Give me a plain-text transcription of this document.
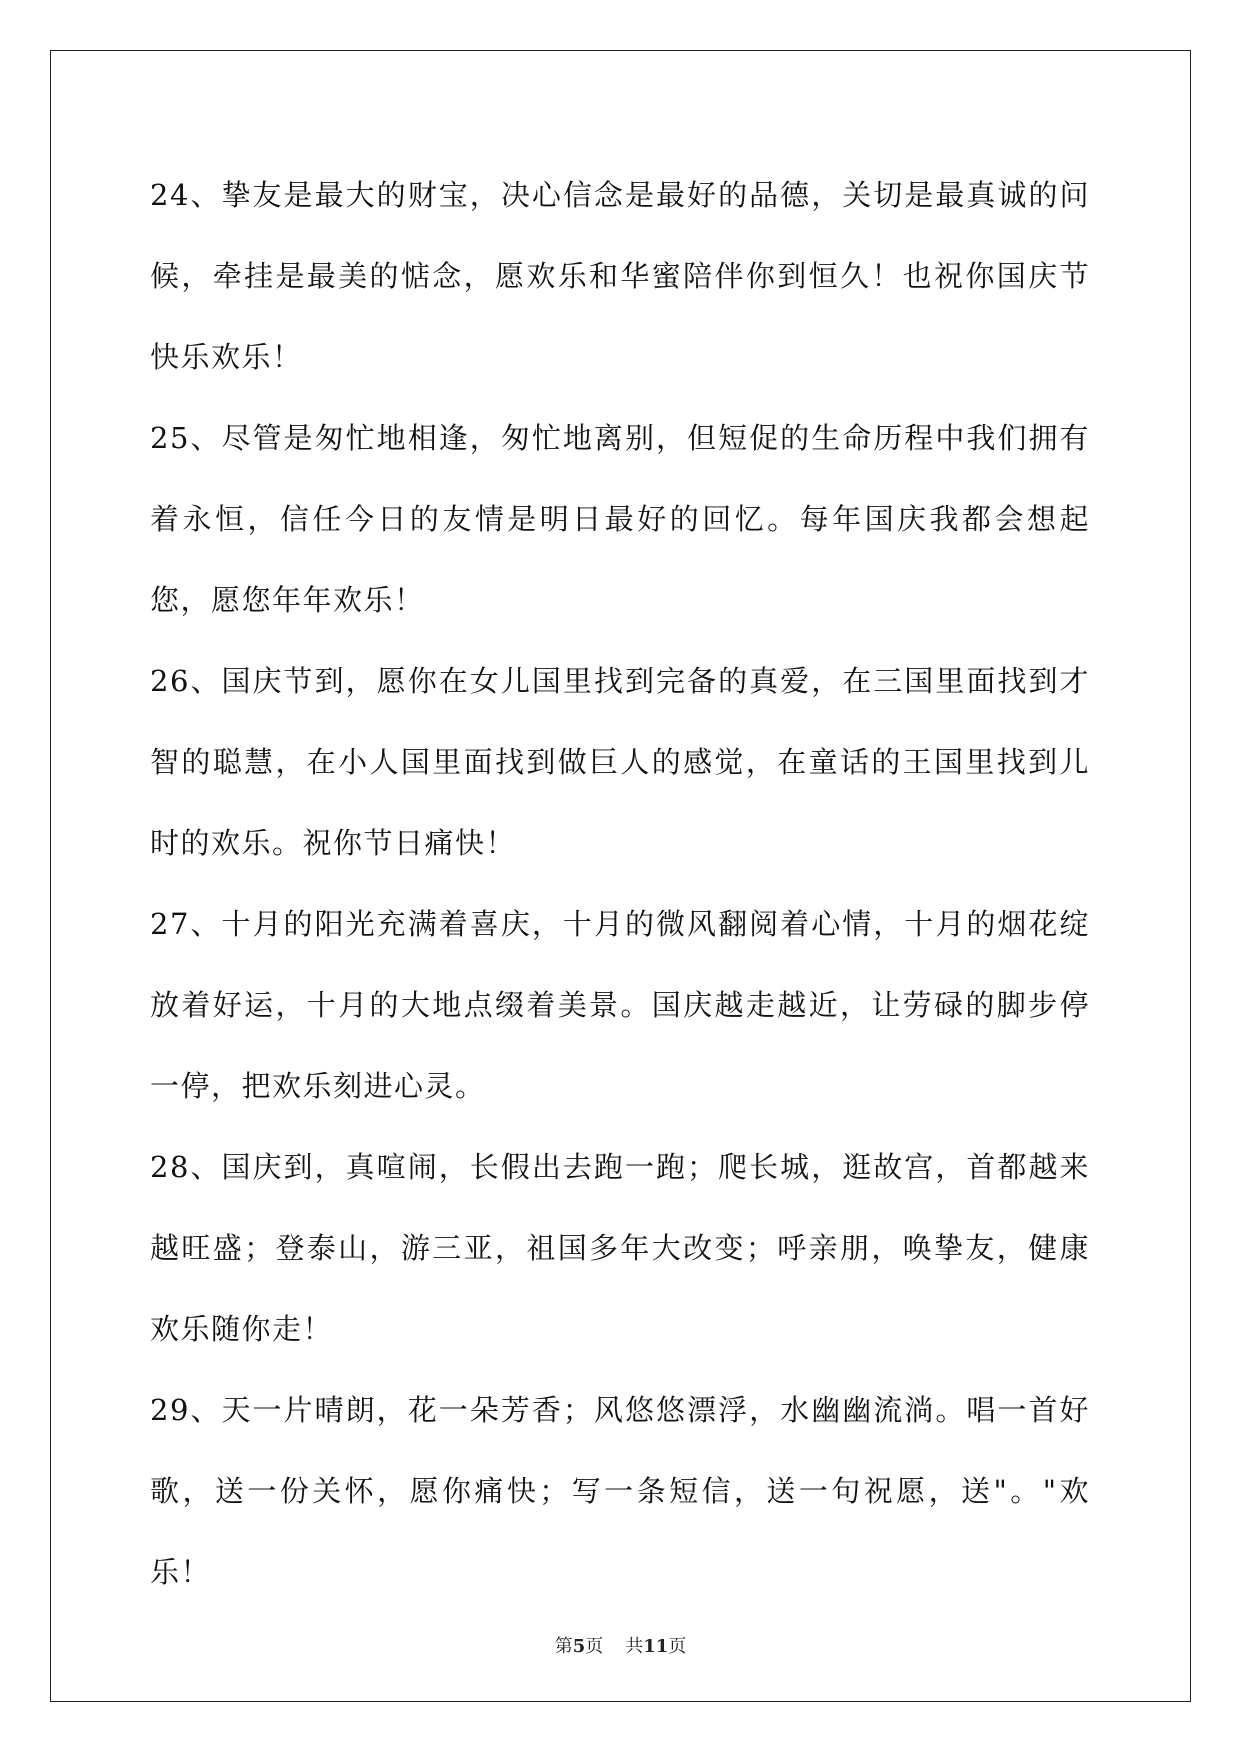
24、挚友是最大的财宝，决心信念是最好的品德，关切是最真诚的问候，牵挂是最美的惦念，愿欢乐和华蜜陪伴你到恒久！也祝你国庆节快乐欢乐！

25、尽管是匆忙地相逢，匆忙地离别，但短促的生命历程中我们拥有着永恒，信任今日的友情是明日最好的回忆。每年国庆我都会想起您，愿您年年欢乐！

26、国庆节到，愿你在女儿国里找到完备的真爱，在三国里面找到才智的聪慧，在小人国里面找到做巨人的感觉，在童话的王国里找到儿时的欢乐。祝你节日痛快！

27、十月的阳光充满着喜庆，十月的微风翻阅着心情，十月的烟花绽放着好运，十月的大地点缀着美景。国庆越走越近，让劳碌的脚步停一停，把欢乐刻进心灵。

28、国庆到，真喧闹，长假出去跑一跑；爬长城，逛故宫，首都越来越旺盛；登泰山，游三亚，祖国多年大改变；呼亲朋，唤挚友，健康欢乐随你走！

29、天一片晴朗，花一朵芳香；风悠悠漂浮，水幽幽流淌。唱一首好歌，送一份关怀，愿你痛快；写一条短信，送一句祝愿，送"。"欢乐！

第5页 共11页
